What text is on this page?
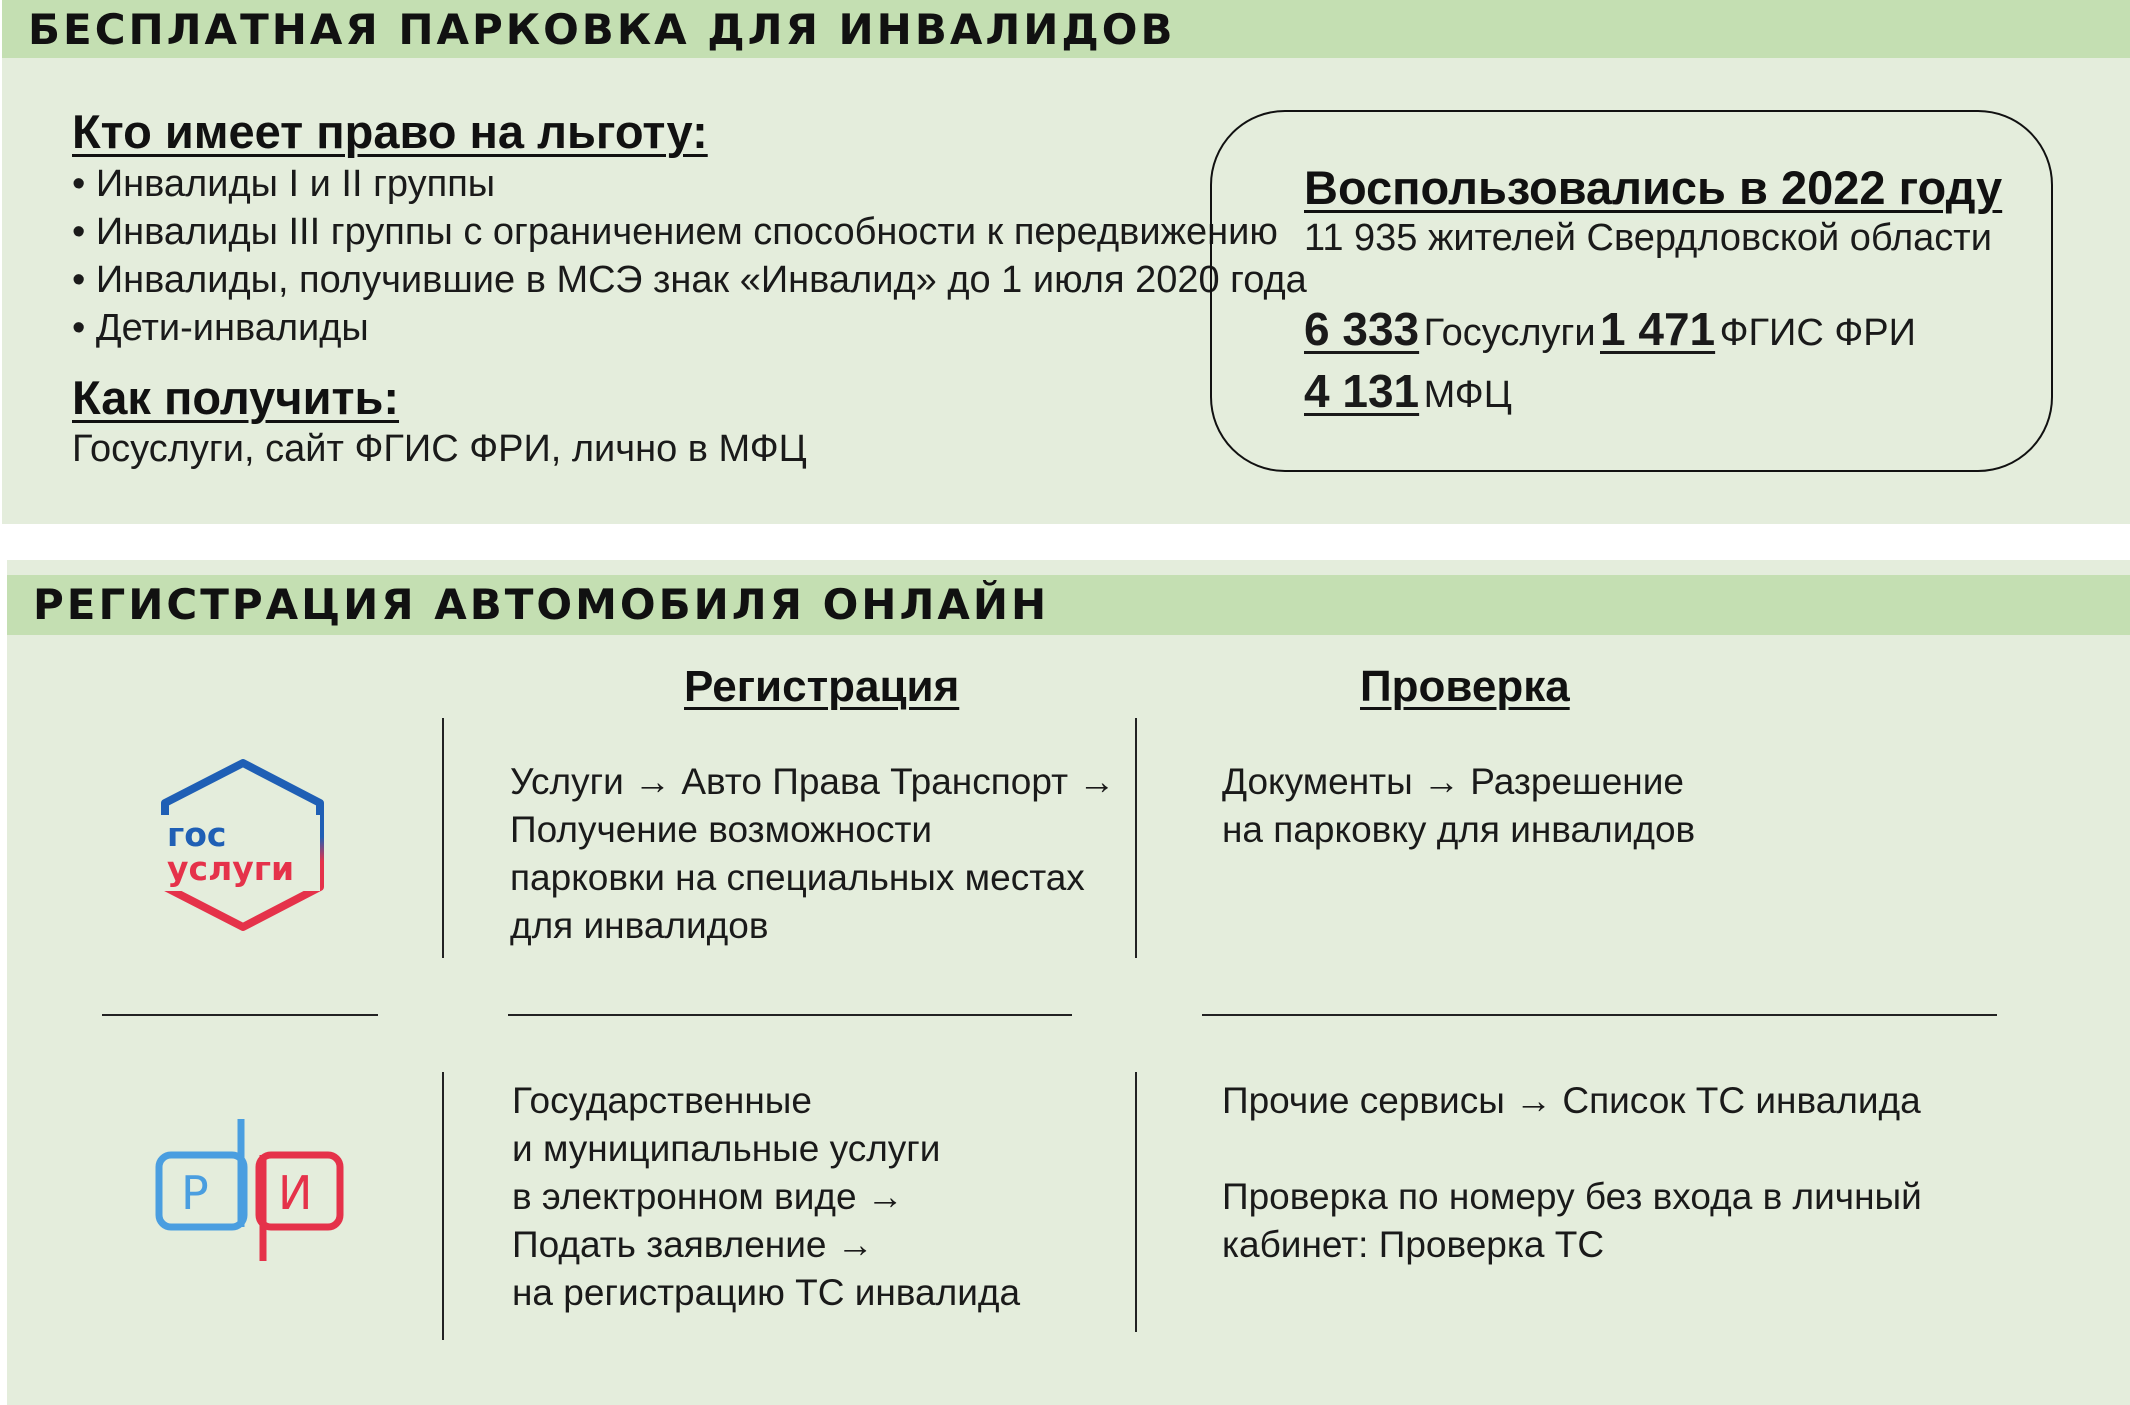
БЕСПЛАТНАЯ ПАРКОВКА ДЛЯ ИНВАЛИДОВ
Кто имеет право на льготу:
• Инвалиды I и II группы
• Инвалиды III группы с ограничением способности к передвижению
• Инвалиды, получившие в МСЭ знак «Инвалид» до 1 июля 2020 года
• Дети-инвалиды
Как получить:
Госуслуги, сайт ФГИС ФРИ, лично в МФЦ
Воспользовались в 2022 году
11 935 жителей Свердловской области
6 333 Госуслуги 1 471 ФГИС ФРИ
4 131 МФЦ
РЕГИСТРАЦИЯ АВТОМОБИЛЯ ОНЛАЙН
Регистрация	Проверка
гос
услуги
Услуги → Авто Права Транспорт →
Получение возможности
парковки на специальных местах
для инвалидов
Документы → Разрешение
на парковку для инвалидов
Р И
Государственные
и муниципальные услуги
в электронном виде →
Подать заявление →
на регистрацию ТС инвалида
Прочие сервисы → Список ТС инвалида
Проверка по номеру без входа в личный
кабинет: Проверка ТС
